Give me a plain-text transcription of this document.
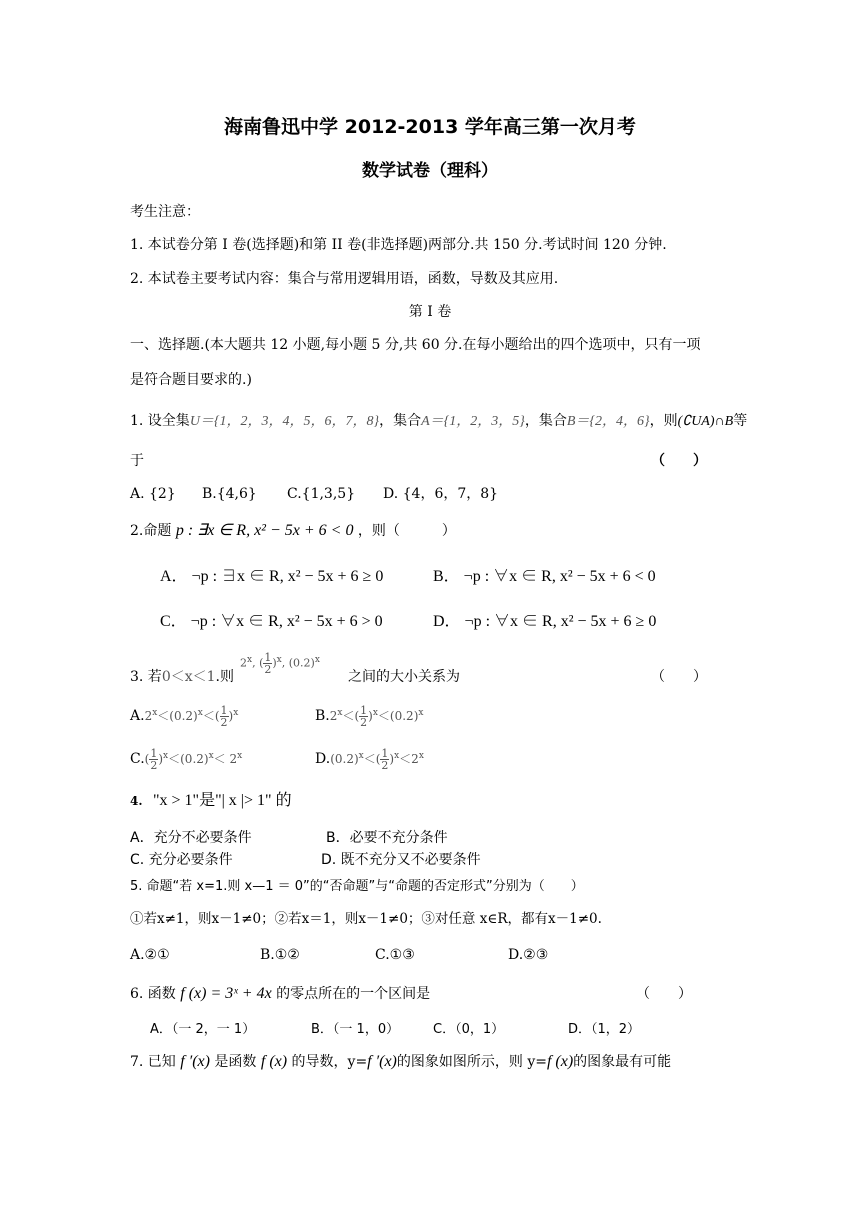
海南鲁迅中学 2012-2013 学年高三第一次月考
数学试卷（理科）
考生注意：
1. 本试卷分第 I 卷(选择题)和第 II 卷(非选择题)两部分.共 150 分.考试时间 120 分钟.
2. 本试卷主要考试内容：集合与常用逻辑用语，函数，导数及其应用.
第 I 卷
一、选择题.(本大题共 12 小题,每小题 5 分,共 60 分.在每小题给出的四个选项中，只有一项
是符合题目要求的.)
1. 设全集U＝{1，2，3，4，5，6，7，8}，集合A＝{1，2，3，5}，集合B＝{2，4，6}，则(∁UA)∩B等
于	（　　）
A. {2} B.{4,6} C.{1,3,5} D. {4，6，7，8}
2.命题 p : ∃x ∈ R, x² − 5x + 6 < 0 ，则（　　　）
A． ¬p : ∃x ∈ R, x² − 5x + 6 ≥ 0	B． ¬p : ∀x ∈ R, x² − 5x + 6 < 0
C． ¬p : ∀x ∈ R, x² − 5x + 6 > 0	D． ¬p : ∀x ∈ R, x² − 5x + 6 ≥ 0
3. 若0＜x＜1.则
2$^x$, ( $\frac{1}{2} )^x$, $(0.2)^x$
之间的大小关系为	（　　）
$A.2^x<(0.2)^x<( \frac{1}{2} )^x$	$B.2^x<( \frac{1}{2} )^x<(0.2)^x$
$C.( \frac{1}{2} )^x<(0.2)^x< 2^x$	$D.(0.2)^x<( \frac{1}{2} )^x<2^x$
4. "x > 1"是"| x |> 1" 的
A．充分不必要条件	B．必要不充分条件
C. 充分必要条件	D. 既不充分又不必要条件
5. 命题“若 x=1.则 x—1 ＝ 0”的“否命题”与“命题的否定形式”分别为（　　）
①若x≠1，则x－1≠0；②若x＝1，则x－1≠0；③对任意 x∈R，都有x－1≠0.
A.②①	B.①②	C.①③	D.②③
6. 函数 f (x) = 3ˣ + 4x 的零点所在的一个区间是	（　　）
A．（一 2，一 1）	B．（一 1，0）	C．（0，1）	D．（1，2）
7. 已知 f ′(x) 是函数 f (x) 的导数，y=f ′(x)的图象如图所示，则 y=f (x)的图象最有可能
